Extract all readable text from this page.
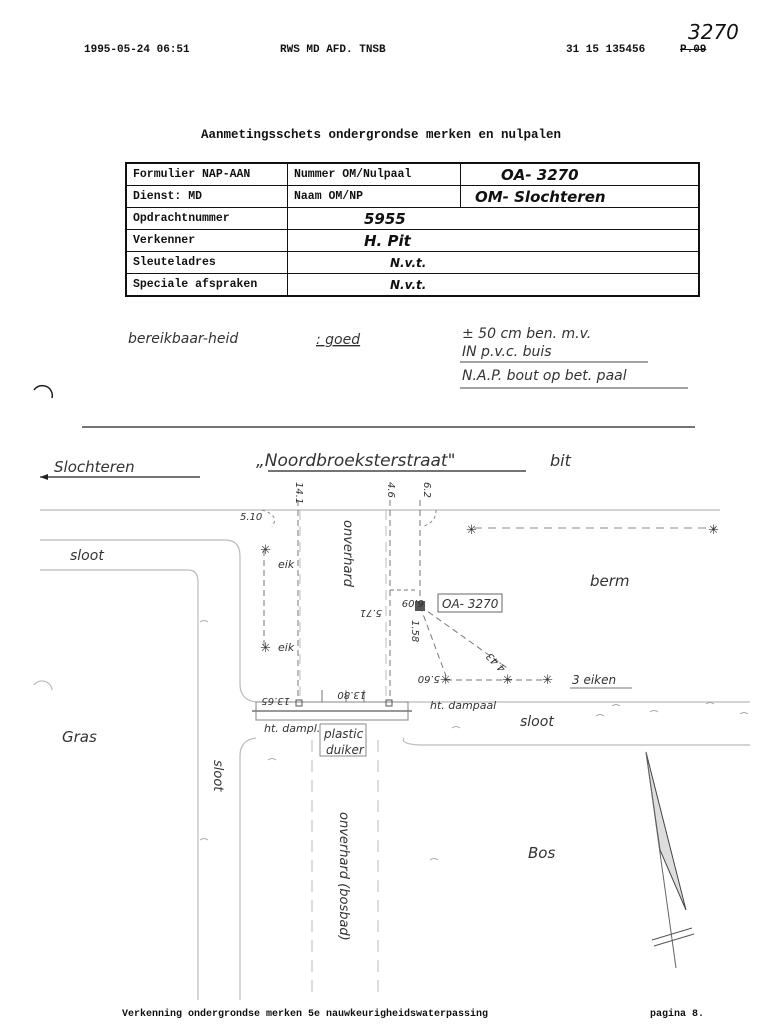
3270
1995-05-24 06:51	RWS MD AFD. TNSB	31 15 135456	P.09
Aanmetingsschets ondergrondse merken en nulpalen
Formulier NAP-AAN	Nummer OM/Nulpaal	OA- 3270
Dienst: MD	Naam OM/NP	OM- Slochteren
Opdrachtnummer	5955	
Verkenner	H. Pit	
Sleuteladres	N.v.t.	
Speciale afspraken	N.v.t.	
bereikbaar-heid	: goed	± 50 cm ben. m.v.
IN p.v.c. buis
N.A.P. bout op bet. paal
Slochteren	„Noordbroeksterstraat"	bit
OA- 3270
✳
✳
✳	✳
✳	✳ ✳
sloot
berm
Gras
sloot
Bos
eik
eik
3 eiken
ht. dampaal
ht. dampl. plastic
duiker
sloot
onverhard
onverhard (bosbad)
14.1	4.6	6.2
5.10
6.09
5.71
1.58
5.60
4.43
13.65
13.80
Verkenning ondergrondse merken 5e nauwkeurigheidswaterpassing	pagina 8.
